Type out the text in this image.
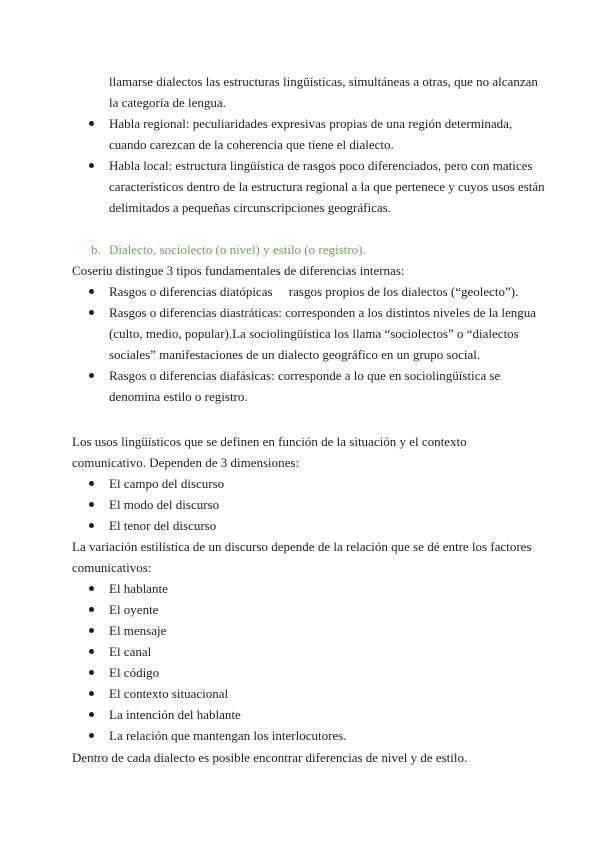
llamarse dialectos las estructuras lingüísticas, simultáneas a otras, que no alcanzan la categoría de lengua.
Habla regional: peculiaridades expresivas propias de una región determinada, cuando carezcan de la coherencia que tiene el dialecto.
Habla local: estructura lingüística de rasgos poco diferenciados, pero con matices característicos dentro de la estructura regional a la que pertenece y cuyos usos están delimitados a pequeñas circunscripciones geográficas.
b. Dialecto, sociolecto (o nivel) y estilo (o registro).
Coseriu distingue 3 tipos fundamentales de diferencias internas:
Rasgos o diferencias diatópicas     rasgos propios de los dialectos (“geolecto”).
Rasgos o diferencias diastráticas: corresponden a los distintos niveles de la lengua (culto, medio, popular).La sociolingüística los llama “sociolectos” o “dialectos sociales” manifestaciones de un dialecto geográfico en un grupo social.
Rasgos o diferencias diafásicas: corresponde a lo que en sociolingüística se denomina estilo o registro.
Los usos lingüísticos que se definen en función de la situación y el contexto comunicativo. Dependen de 3 dimensiones:
El campo del discurso
El modo del discurso
El tenor del discurso
La variación estilística de un discurso depende de la relación que se dé entre los factores comunicativos:
El hablante
El oyente
El mensaje
El canal
El código
El contexto situacional
La intención del hablante
La relación que mantengan los interlocutores.
Dentro de cada dialecto es posible encontrar diferencias de nivel y de estilo.
